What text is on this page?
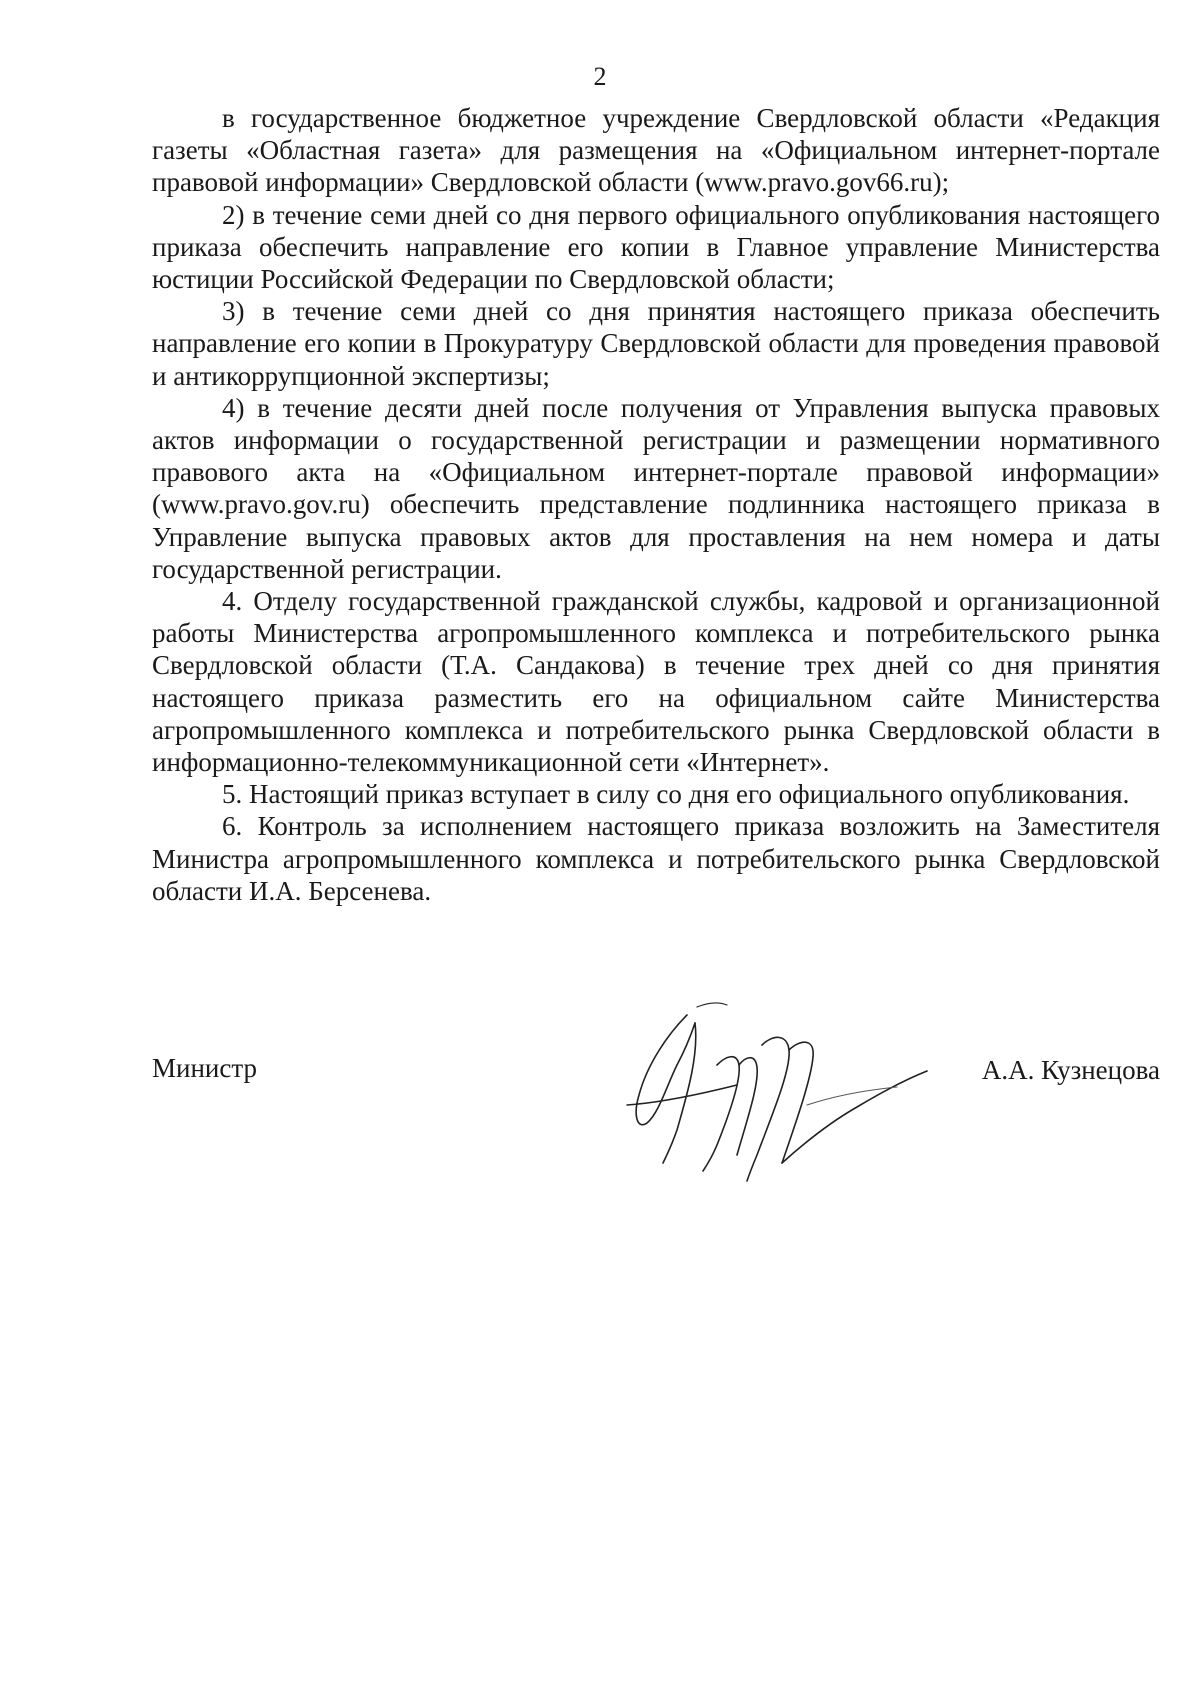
2

в государственное бюджетное учреждение Свердловской области «Редакция газеты «Областная газета» для размещения на «Официальном интернет-портале правовой информации» Свердловской области (www.pravo.gov66.ru);

2) в течение семи дней со дня первого официального опубликования настоящего приказа обеспечить направление его копии в Главное управление Министерства юстиции Российской Федерации по Свердловской области;

3) в течение семи дней со дня принятия настоящего приказа обеспечить направление его копии в Прокуратуру Свердловской области для проведения правовой и антикоррупционной экспертизы;

4) в течение десяти дней после получения от Управления выпуска правовых актов информации о государственной регистрации и размещении нормативного правового акта на «Официальном интернет-портале правовой информации» (www.pravo.gov.ru) обеспечить представление подлинника настоящего приказа в Управление выпуска правовых актов для проставления на нем номера и даты государственной регистрации.

4. Отделу государственной гражданской службы, кадровой и организационной работы Министерства агропромышленного комплекса и потребительского рынка Свердловской области (Т.А. Сандакова) в течение трех дней со дня принятия настоящего приказа разместить его на официальном сайте Министерства агропромышленного комплекса и потребительского рынка Свердловской области в информационно-телекоммуникационной сети «Интернет».

5. Настоящий приказ вступает в силу со дня его официального опубликования.

6. Контроль за исполнением настоящего приказа возложить на Заместителя Министра агропромышленного комплекса и потребительского рынка Свердловской области И.А. Берсенева.

Министр	А.А. Кузнецова
